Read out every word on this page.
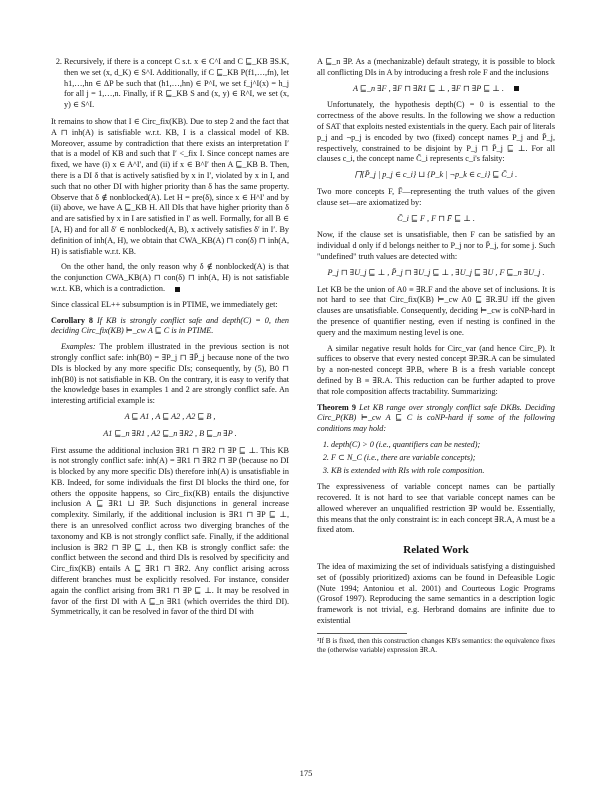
2. Recursively, if there is a concept C s.t. x ∈ C^I and C ⊑_KB ∃S.K, then we set (x, d_K) ∈ S^I. Additionally, if C ⊑_KB P(f1,…,fn), let h1,…,hn ∈ ΔP be such that (h1,…,hn) ∈ P^I, we set f_j^I(x) = h_j for all j = 1,…,n. Finally, if R ⊑_KB S and (x, y) ∈ R^I, we set (x, y) ∈ S^I.

It remains to show that I ∈ Circ_fix(KB). Due to step 2 and the fact that A ⊓ inh(A) is satisfiable w.r.t. KB, I is a classical model of KB. Moreover, assume by contradiction that there exists an interpretation I′ that is a model of KB and such that I′ <_fix I. Since concept names are fixed, we have (i) x ∈ A^I′, and (ii) if x ∈ B^I′ then A ⊑_KB B. Then, there is a DI δ that is actively satisfied by x in I′, violated by x in I, and such that no other DI with higher priority than δ has the same property. Observe that δ ∉ nonblocked(A). Let H = pre(δ), since x ∈ H^I′ and by (ii) above, we have A ⊑_KB H. All DIs that have higher priority than δ and are satisfied by x in I are satisfied in I′ as well. Formally, for all B ∈ [A, H) and for all δ′ ∈ nonblocked(A, B), x actively satisfies δ′ in I′. By definition of inh(A, H), we obtain that CWA_KB(A) ⊓ con(δ) ⊓ inh(A, H) is satisfiable w.r.t. KB.

On the other hand, the only reason why δ ∉ nonblocked(A) is that the conjunction CWA_KB(A) ⊓ con(δ) ⊓ inh(A, H) is not satisfiable w.r.t. KB, which is a contradiction.

Since classical EL++ subsumption is in PTIME, we immediately get:

Corollary 8 If KB is strongly conflict safe and depth(C) = 0, then deciding Circ_fix(KB) ⊨_cw A ⊑ C is in PTIME.

Examples: The problem illustrated in the previous section is not strongly conflict safe: inh(B0) = ∃P_j ⊓ ∃P̄_j because none of the two DIs is blocked by any more specific DIs; consequently, by (5), B0 ⊓ inh(B0) is not satisfiable in KB. On the contrary, it is easy to verify that the knowledge bases in examples 1 and 2 are strongly conflict safe. An interesting artificial example is:

A ⊑ A1 , A ⊑ A2 , A2 ⊑ B ,
A1 ⊑_n ∃R1 , A2 ⊑_n ∃R2 , B ⊑_n ∃P .

First assume the additional inclusion ∃R1 ⊓ ∃R2 ⊓ ∃P ⊑ ⊥. This KB is not strongly conflict safe: inh(A) = ∃R1 ⊓ ∃R2 ⊓ ∃P (because no DI is blocked by any more specific DIs) therefore inh(A) is unsatisfiable in KB. Indeed, for some individuals the first DI blocks the third one, for others the opposite happens, so Circ_fix(KB) entails the disjunctive inclusion A ⊑ ∃R1 ⊔ ∃P. Such disjunctions in general increase complexity. Similarly, if the additional inclusion is ∃R1 ⊓ ∃P ⊑ ⊥, there is an unresolved conflict across two diverging branches of the taxonomy and KB is not strongly conflict safe. Finally, if the additional inclusion is ∃R2 ⊓ ∃P ⊑ ⊥, then KB is strongly conflict safe: the conflict between the second and third DIs is resolved by specificity and Circ_fix(KB) entails A ⊑ ∃R1 ⊓ ∃R2. Any conflict arising across different branches must be explicitly resolved. For instance, consider again the conflict arising from ∃R1 ⊓ ∃P ⊑ ⊥. It may be resolved in favor of the first DI with A ⊑_n ∃R1 (which overrides the third DI). Symmetrically, it can be resolved in favor of the third DI with

A ⊑_n ∃P. As a (mechanizable) default strategy, it is possible to block all conflicting DIs in A by introducing a fresh role F and the inclusions

A ⊑_n ∃F , ∃F ⊓ ∃R1 ⊑ ⊥ , ∃F ⊓ ∃P ⊑ ⊥ .

Unfortunately, the hypothesis depth(C) = 0 is essential to the correctness of the above results. In the following we show a reduction of SAT that exploits nested existentials in the query. Each pair of literals p_j and ¬p_j is encoded by two (fixed) concept names P_j and P̄_j, respectively, constrained to be disjoint by P_j ⊓ P̄_j ⊑ ⊥. For all clauses c_i, the concept name C̄_i represents c_i's falsity:

⨅{P̄_j | p_j ∈ c_i} ⊔ {P_k | ¬p_k ∈ c_i} ⊑ C̄_i .

Two more concepts F, F̄—representing the truth values of the given clause set—are axiomatized by:

C̄_i ⊑ F , F ⊓ F̄ ⊑ ⊥ .

Now, if the clause set is unsatisfiable, then F can be satisfied by an individual d only if d belongs neither to P_j nor to P̄_j, for some j. Such "undefined" truth values are detected with:

P_j ⊓ ∃U_j ⊑ ⊥ , P̄_j ⊓ ∃U_j ⊑ ⊥ , ∃U_j ⊑ ∃U , F ⊑_n ∃U_j .

Let KB be the union of A0 ≡ ∃R.F and the above set of inclusions. It is not hard to see that Circ_fix(KB) ⊨_cw A0 ⊑ ∃R.∃U iff the given clauses are unsatisfiable. Consequently, deciding ⊨_cw is coNP-hard in the presence of quantifier nesting, even if nesting is confined in the query and the maximum nesting level is one.

A similar negative result holds for Circ_var (and hence Circ_P). It suffices to observe that every nested concept ∃P.∃R.A can be simulated by a non-nested concept ∃P.B, where B is a fresh variable concept defined by B ≡ ∃R.A. This reduction can be further adapted to prove that role composition affects tractability. Summarizing:

Theorem 9 Let KB range over strongly conflict safe DKBs. Deciding Circ_P(KB) ⊨_cw A ⊑ C is coNP-hard if some of the following conditions may hold:

1. depth(C) > 0 (i.e., quantifiers can be nested);
2. F ⊂ N_C (i.e., there are variable concepts);
3. KB is extended with RIs with role composition.

The expressiveness of variable concept names can be partially recovered. It is not hard to see that variable concept names can be allowed wherever an unqualified restriction ∃P would be. Essentially, this means that the only constraint is: in each concept ∃R.A, A must be a fixed atom.

Related Work

The idea of maximizing the set of individuals satisfying a distinguished set of (possibly prioritized) axioms can be found in Defeasible Logic (Nute 1994; Antoniou et al. 2001) and Courteous Logic Programs (Grosof 1997). Reproducing the same semantics in a description logic framework is not trivial, e.g. Herbrand domains are infinite due to existential

³If B is fixed, then this construction changes KB's semantics: the equivalence fixes the (otherwise variable) expression ∃R.A.
175
